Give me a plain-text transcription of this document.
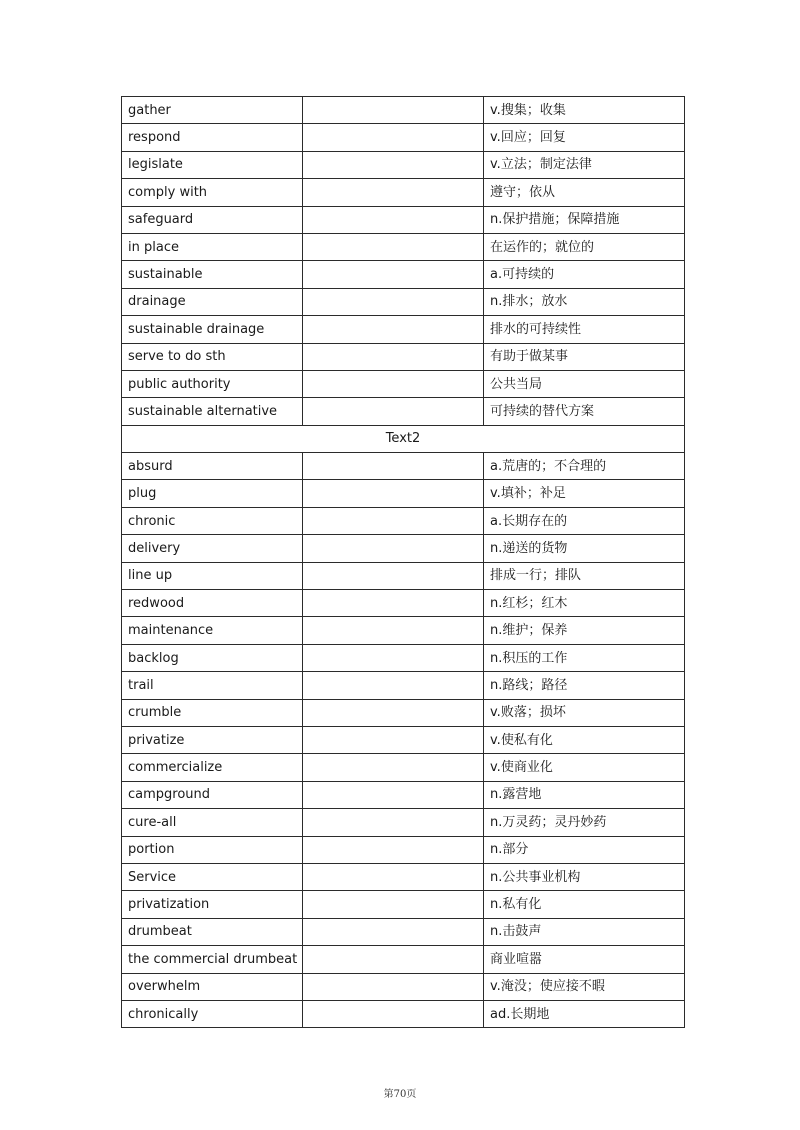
gather		v.搜集；收集
respond		v.回应；回复
legislate		v.立法；制定法律
comply with		遵守；依从
safeguard		n.保护措施；保障措施
in place		在运作的；就位的
sustainable		a.可持续的
drainage		n.排水；放水
sustainable drainage		排水的可持续性
serve to do sth		有助于做某事
public authority		公共当局
sustainable alternative		可持续的替代方案
Text2		
absurd		a.荒唐的；不合理的
plug		v.填补；补足
chronic		a.长期存在的
delivery		n.递送的货物
line up		排成一行；排队
redwood		n.红杉；红木
maintenance		n.维护；保养
backlog		n.积压的工作
trail		n.路线；路径
crumble		v.败落；损坏
privatize		v.使私有化
commercialize		v.使商业化
campground		n.露营地
cure-all		n.万灵药；灵丹妙药
portion		n.部分
Service		n.公共事业机构
privatization		n.私有化
drumbeat		n.击鼓声
the commercial drumbeat		商业喧嚣
overwhelm		v.淹没；使应接不暇
chronically		ad.长期地
第70页
